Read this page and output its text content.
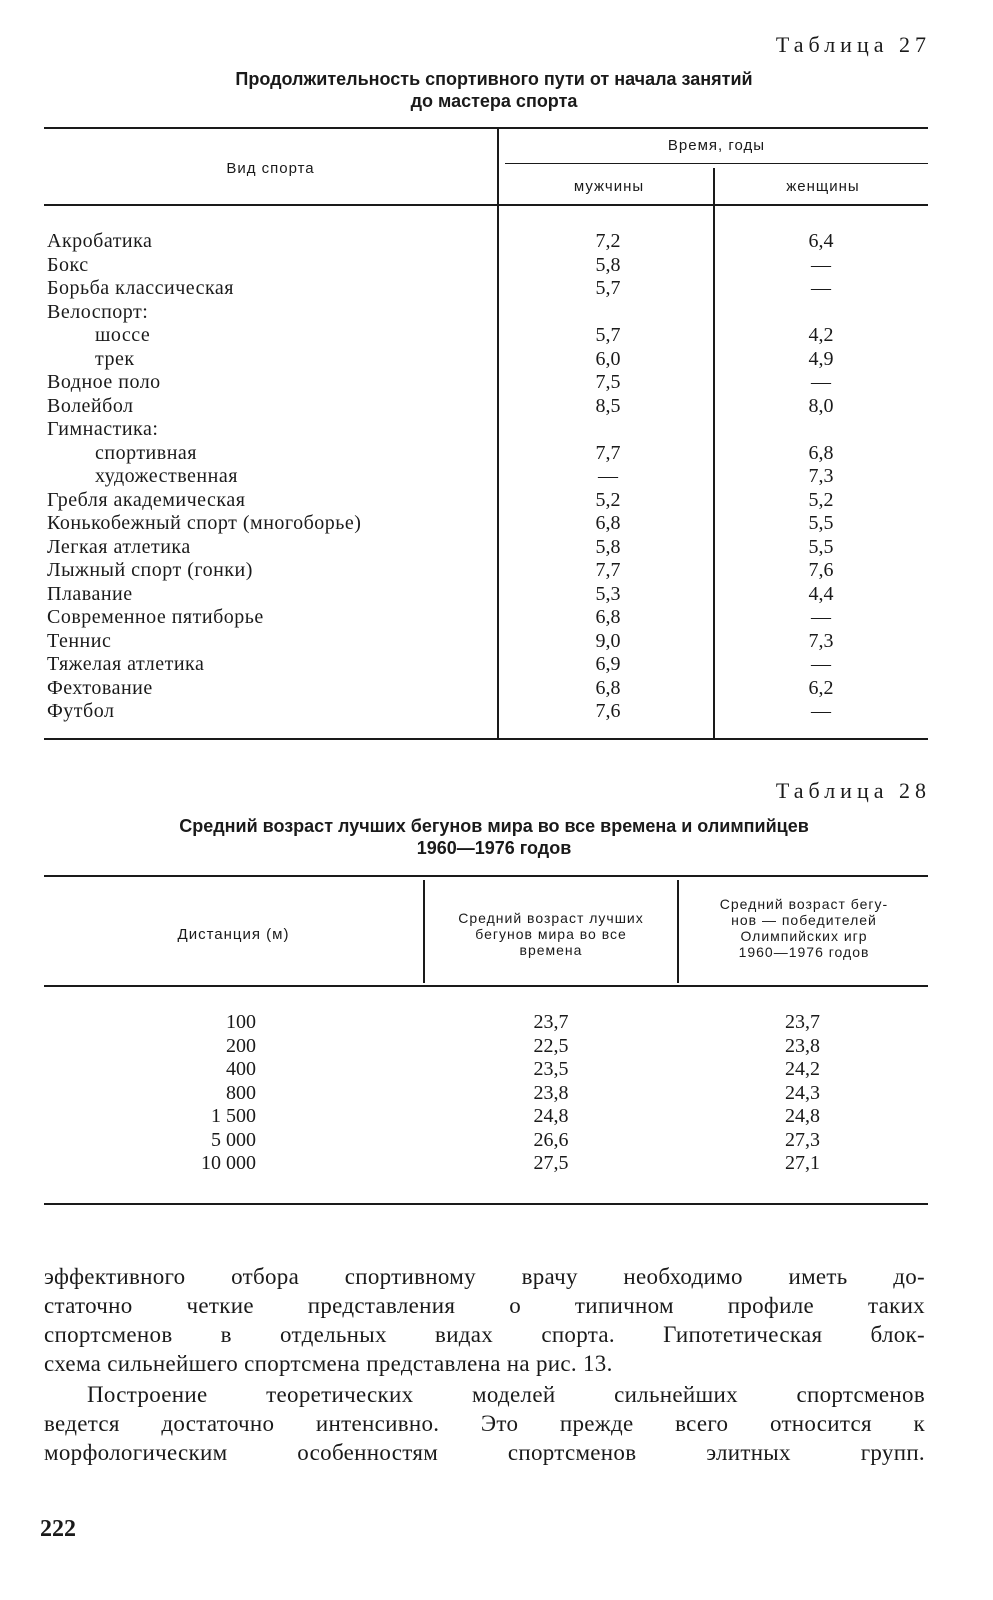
Таблица 27
Продолжительность спортивного пути от начала занятий
до мастера спорта
Вид спорта
Время, годы
мужчины	женщины
Акробатика	7,2	6,4
Бокс	5,8	—
Борьба классическая	5,7	—
Велоспорт:
шоссе	5,7	4,2
трек	6,0	4,9
Водное поло	7,5	—
Волейбол	8,5	8,0
Гимнастика:
спортивная	7,7	6,8
художественная	—	7,3
Гребля академическая	5,2	5,2
Конькобежный спорт (многоборье)	6,8	5,5
Легкая атлетика	5,8	5,5
Лыжный спорт (гонки)	7,7	7,6
Плавание	5,3	4,4
Современное пятиборье	6,8	—
Теннис	9,0	7,3
Тяжелая атлетика	6,9	—
Фехтование	6,8	6,2
Футбол	7,6	—
Таблица 28
Средний возраст лучших бегунов мира во все времена и олимпийцев
1960—1976 годов
Дистанция (м)
Средний возраст лучших
бегунов мира во все
времена
Средний возраст бегу-
нов — победителей
Олимпийских игр
1960—1976 годов
100	23,7	23,7
200	22,5	23,8
400	23,5	24,2
800	23,8	24,3
1 500	24,8	24,8
5 000	26,6	27,3
10 000	27,5	27,1
эффективного отбора спортивному врачу необходимо иметь до-
статочно четкие представления о типичном профиле таких
спортсменов в отдельных видах спорта. Гипотетическая блок-
схема сильнейшего спортсмена представлена на рис. 13.
Построение теоретических моделей сильнейших спортсменов
ведется достаточно интенсивно. Это прежде всего относится к
морфологическим особенностям спортсменов элитных групп.
222
